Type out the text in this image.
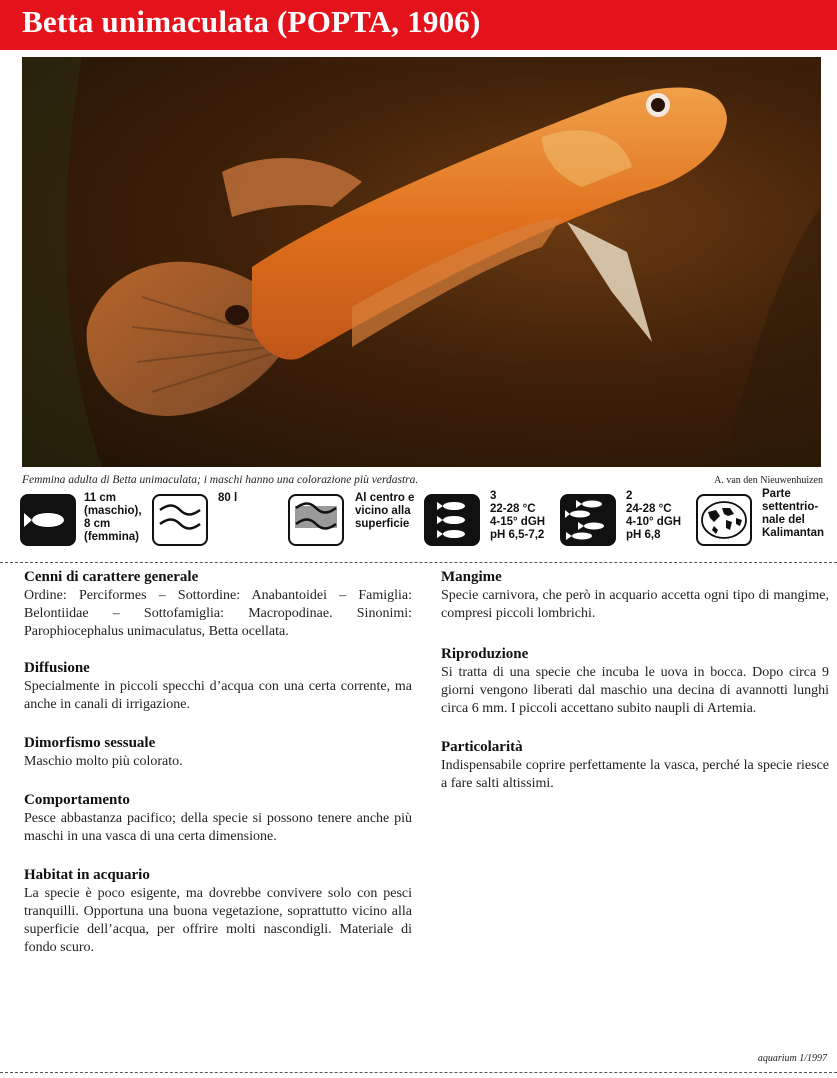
Betta unimaculata (POPTA, 1906)
Femmina adulta di Betta unimaculata; i maschi hanno una colorazione più verdastra.	A. van den Nieuwenhuizen
11 cm
(maschio),
8 cm
(femmina)
80 l	Al centro e
vicino alla
superficie
3
22-28 °C
4-15° dGH
pH 6,5-7,2
2
24-28 °C
4-10° dGH
pH 6,8
Parte
settentrio-
nale del
Kalimantan
Cenni di carattere generale

Ordine: Perciformes – Sottordine: Anabantoidei – Famiglia: Belontiidae – Sottofamiglia: Macropodinae. Sinonimi: Parophiocephalus unimaculatus, Betta ocellata.

Diffusione

Specialmente in piccoli specchi d’acqua con una certa corrente, ma anche in canali di irrigazione.

Dimorfismo sessuale

Maschio molto più colorato.

Comportamento

Pesce abbastanza pacifico; della specie si possono tenere anche più maschi in una vasca di una certa dimensione.

Habitat in acquario

La specie è poco esigente, ma dovrebbe convivere solo con pesci tranquilli. Opportuna una buona vegetazione, soprattutto vicino alla superficie dell’acqua, per offrire molti nascondigli. Materiale di fondo scuro.

Mangime

Specie carnivora, che però in acquario accetta ogni tipo di mangime, compresi piccoli lombrichi.

Riproduzione

Si tratta di una specie che incuba le uova in bocca. Dopo circa 9 giorni vengono liberati dal maschio una decina di avannotti lunghi circa 6 mm. I piccoli accettano subito naupli di Artemia.

Particolarità

Indispensabile coprire perfettamente la vasca, perché la specie riesce a fare salti altissimi.

aquarium 1/1997
